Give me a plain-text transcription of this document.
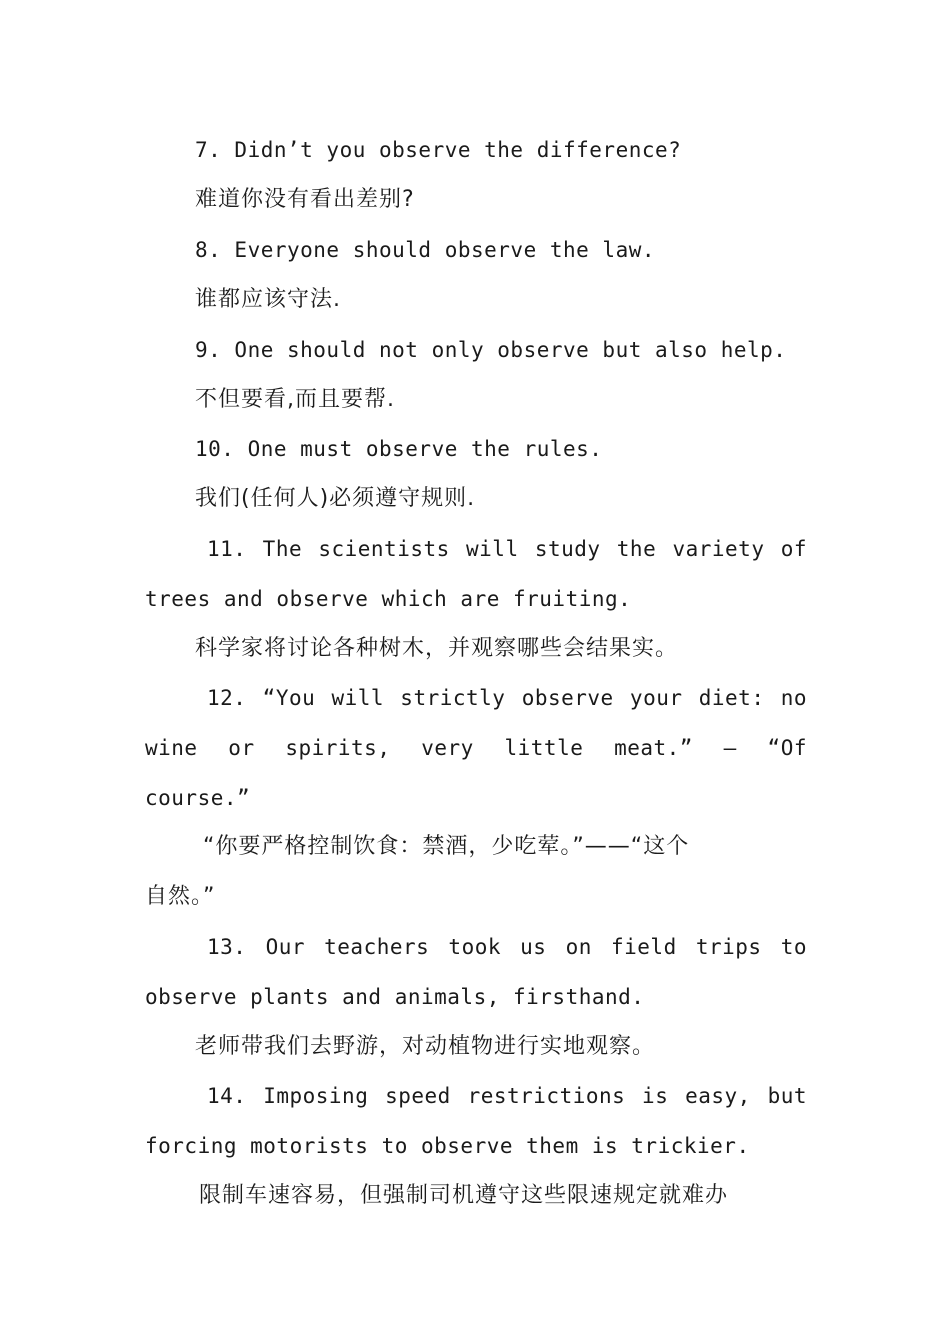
7. Didn’t you observe the difference?
难道你没有看出差别?
8. Everyone should observe the law.
谁都应该守法.
9. One should not only observe but also help.
不但要看,而且要帮.
10. One must observe the rules.
我们(任何人)必须遵守规则.
11. The scientists will study the variety of
trees and observe which are fruiting.
科学家将讨论各种树木，并观察哪些会结果实。
12. “You will strictly observe your diet: no
wine or spirits, very little meat.” — “Of
course.”
“你要严格控制饮食：禁酒，少吃荤。”——“这个
自然。”
13. Our teachers took us on field trips to
observe plants and animals, firsthand.
老师带我们去野游，对动植物进行实地观察。
14. Imposing speed restrictions is easy, but
forcing motorists to observe them is trickier.
限制车速容易，但强制司机遵守这些限速规定就难办
